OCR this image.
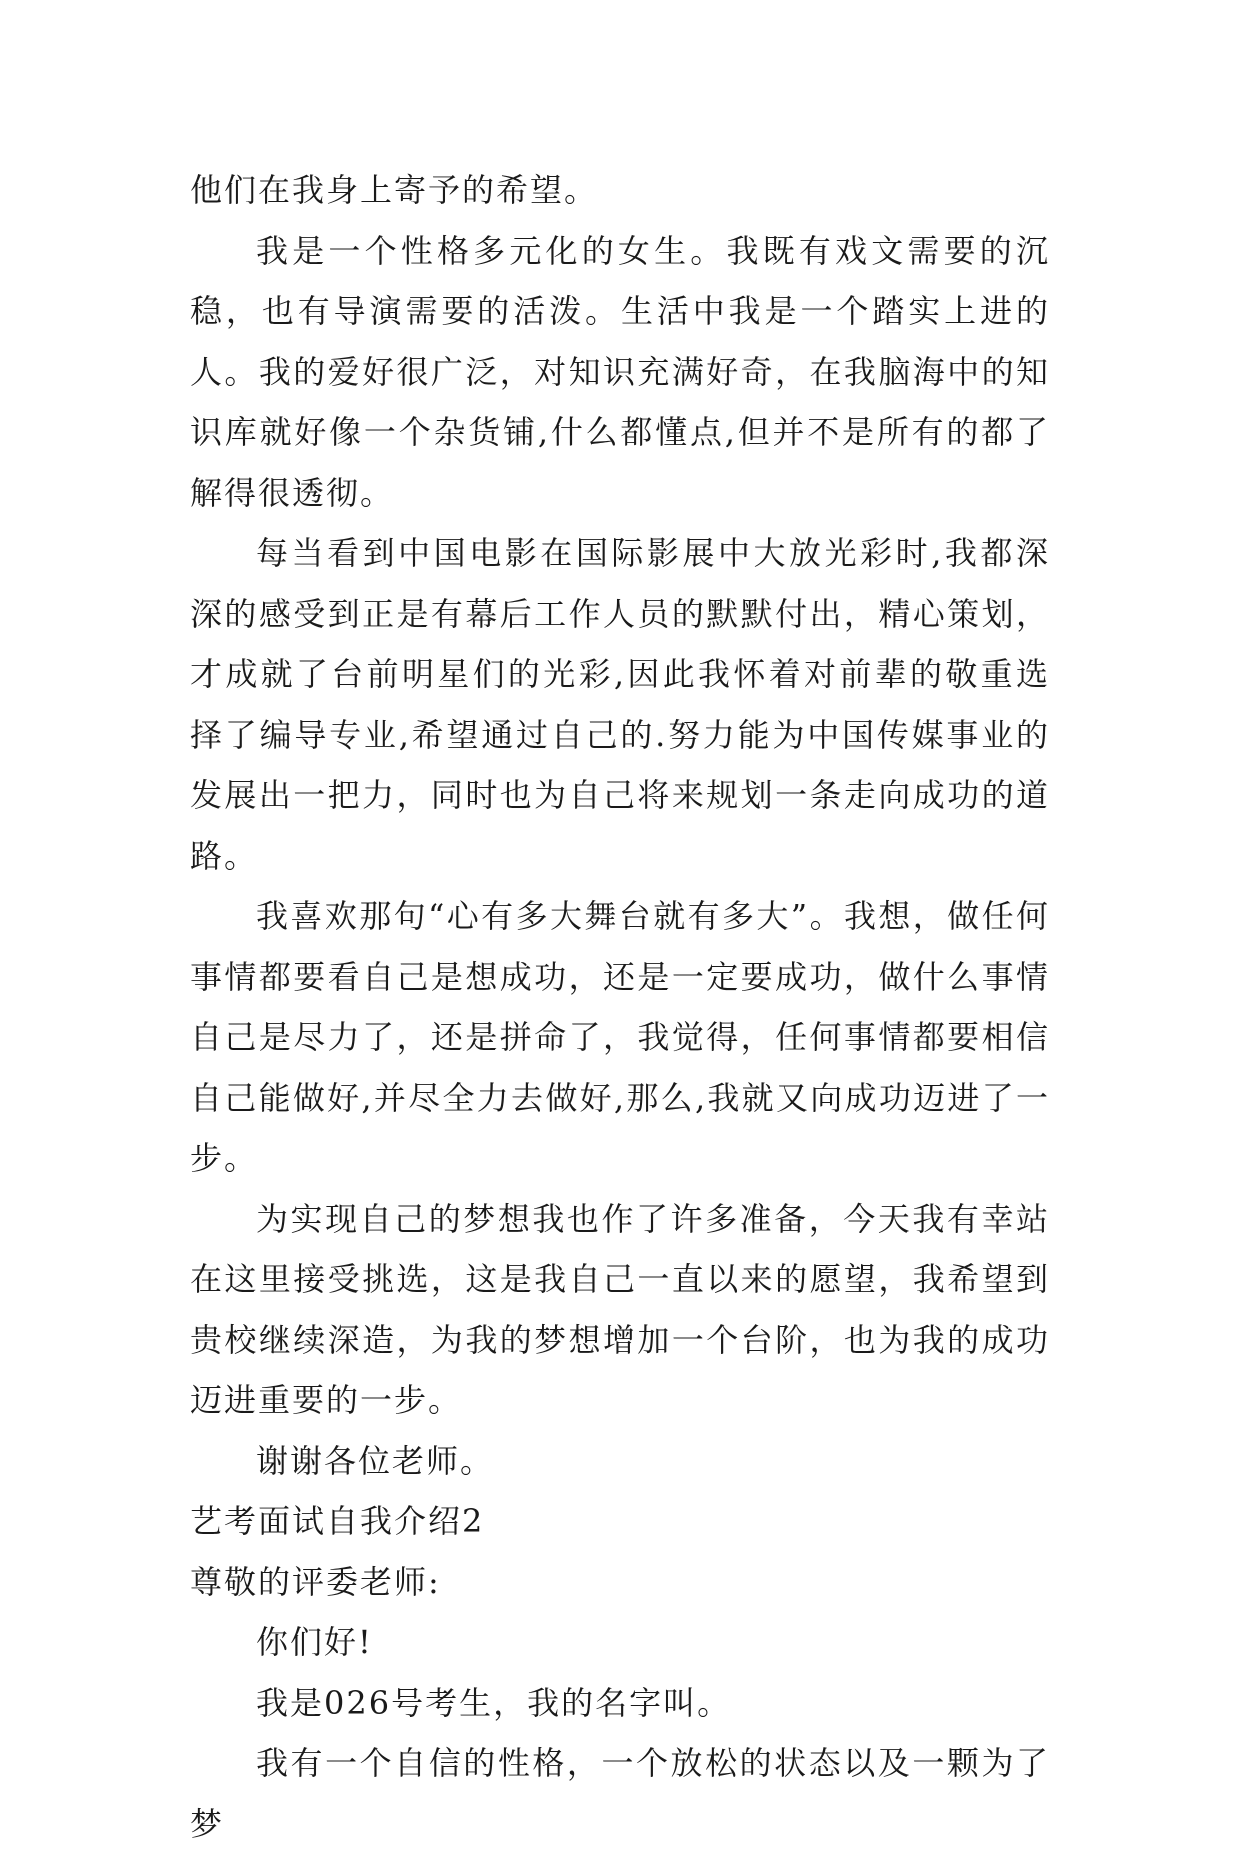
他们在我身上寄予的希望。

我是一个性格多元化的女生。我既有戏文需要的沉稳，也有导演需要的活泼。生活中我是一个踏实上进的人。我的爱好很广泛，对知识充满好奇，在我脑海中的知识库就好像一个杂货铺,什么都懂点,但并不是所有的都了解得很透彻。

每当看到中国电影在国际影展中大放光彩时,我都深深的感受到正是有幕后工作人员的默默付出，精心策划，才成就了台前明星们的光彩,因此我怀着对前辈的敬重选择了编导专业,希望通过自己的.努力能为中国传媒事业的发展出一把力，同时也为自己将来规划一条走向成功的道路。

我喜欢那句“心有多大舞台就有多大”。我想，做任何事情都要看自己是想成功，还是一定要成功，做什么事情自己是尽力了，还是拼命了，我觉得，任何事情都要相信自己能做好,并尽全力去做好,那么,我就又向成功迈进了一步。

为实现自己的梦想我也作了许多准备，今天我有幸站在这里接受挑选，这是我自己一直以来的愿望，我希望到贵校继续深造，为我的梦想增加一个台阶，也为我的成功迈进重要的一步。

谢谢各位老师。

艺考面试自我介绍2

尊敬的评委老师:

你们好!

我是026号考生，我的名字叫。

我有一个自信的性格，一个放松的状态以及一颗为了梦
